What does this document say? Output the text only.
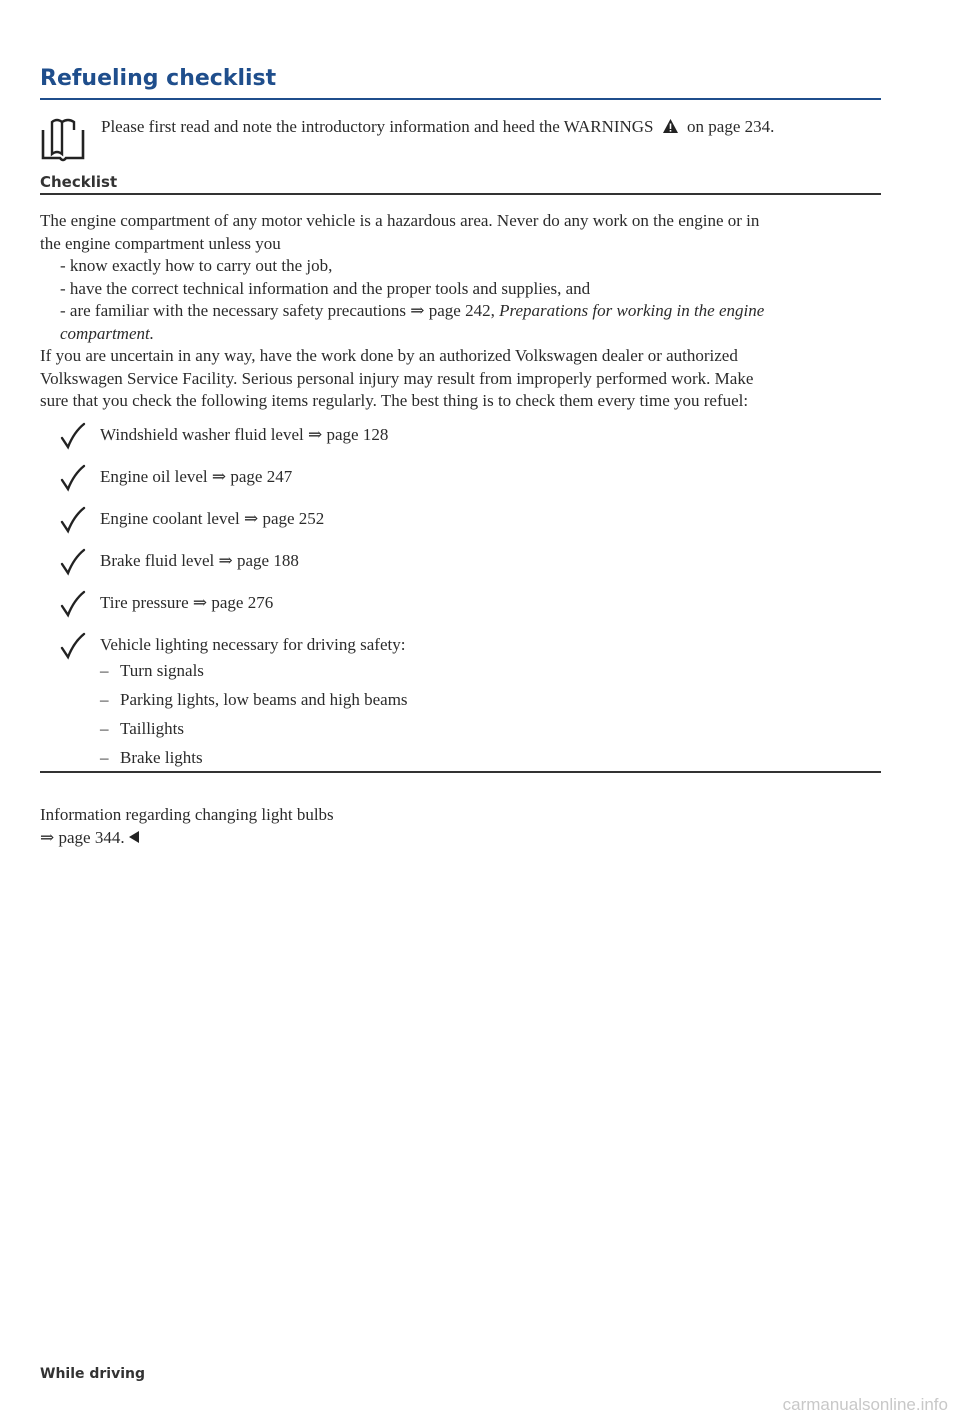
Refueling checklist
Please first read and note the introductory information and heed the WARNINGS on page 234.
Checklist

The engine compartment of any motor vehicle is a hazardous area. Never do any work on the engine or in

the engine compartment unless you

- know exactly how to carry out the job,

- have the correct technical information and the proper tools and supplies, and

- are familiar with the necessary safety precautions ⇒ page 242, Preparations for working in the engine

compartment.

If you are uncertain in any way, have the work done by an authorized Volkswagen dealer or authorized

Volkswagen Service Facility. Serious personal injury may result from improperly performed work. Make

sure that you check the following items regularly. The best thing is to check them every time you refuel:

Windshield washer fluid level ⇒ page 128
Engine oil level ⇒ page 247
Engine coolant level ⇒ page 252
Brake fluid level ⇒ page 188
Tire pressure ⇒ page 276
Vehicle lighting necessary for driving safety:
– Turn signals
– Parking lights, low beams and high beams
– Taillights
– Brake lights
Information regarding changing light bulbs
⇒ page 344.
While driving
carmanualsonline.info
